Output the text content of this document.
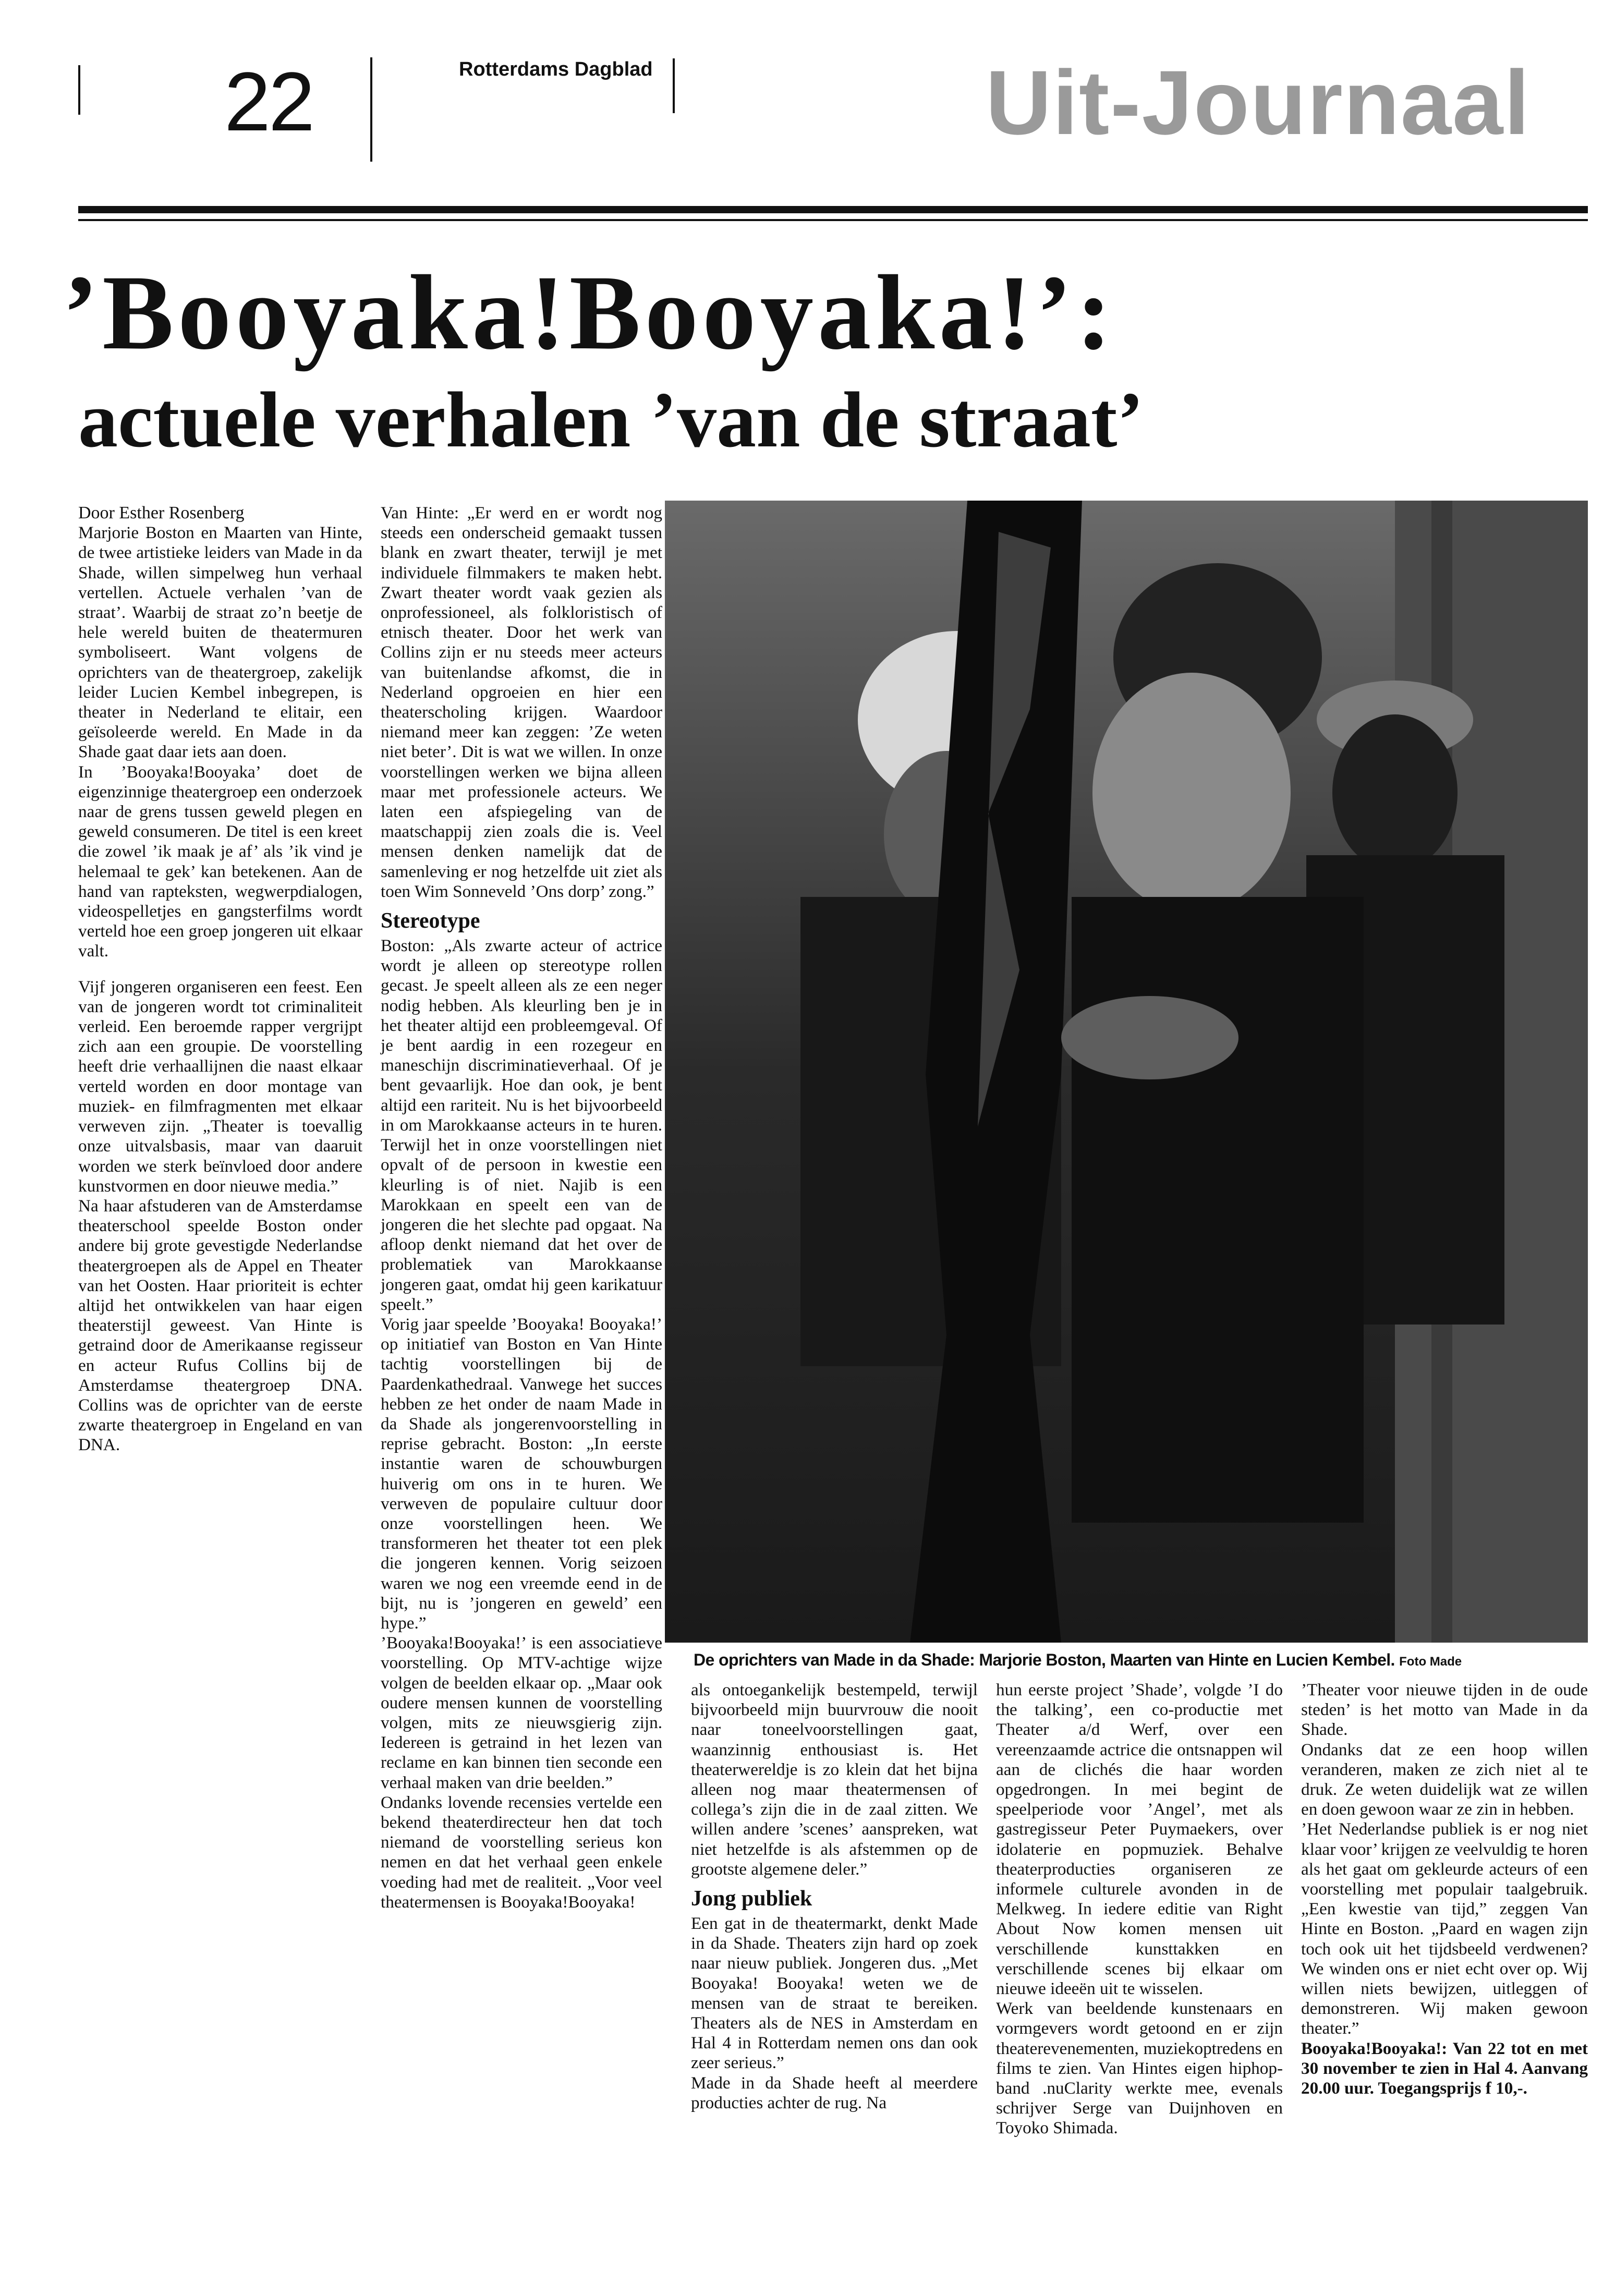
22	Rotterdams Dagblad	Uit-Journaal
’Booyaka!Booyaka!’:
actuele verhalen ’van de straat’

Door Esther Rosenberg

Marjorie Boston en Maarten van Hinte, de twee artistieke leiders van Made in da Shade, willen simpelweg hun verhaal vertellen. Actuele verhalen ’van de straat’. Waarbij de straat zo’n beetje de hele wereld buiten de theatermuren symboliseert. Want volgens de oprichters van de theatergroep, zakelijk leider Lucien Kembel inbegrepen, is theater in Nederland te elitair, een geïsoleerde wereld. En Made in da Shade gaat daar iets aan doen.

In ’Booyaka!Booyaka’ doet de eigenzinnige theatergroep een onderzoek naar de grens tussen geweld plegen en geweld consumeren. De titel is een kreet die zowel ’ik maak je af’ als ’ik vind je helemaal te gek’ kan betekenen. Aan de hand van rapteksten, wegwerpdialogen, videospelletjes en gangsterfilms wordt verteld hoe een groep jongeren uit elkaar valt.

Vijf jongeren organiseren een feest. Een van de jongeren wordt tot criminaliteit verleid. Een beroemde rapper vergrijpt zich aan een groupie. De voorstelling heeft drie verhaallijnen die naast elkaar verteld worden en door montage van muziek- en filmfragmenten met elkaar verweven zijn. „Theater is toevallig onze uitvalsbasis, maar van daaruit worden we sterk beïnvloed door andere kunstvormen en door nieuwe media.”

Na haar afstuderen van de Amsterdamse theaterschool speelde Boston onder andere bij grote gevestigde Nederlandse theatergroepen als de Appel en Theater van het Oosten. Haar prioriteit is echter altijd het ontwikkelen van haar eigen theaterstijl geweest. Van Hinte is getraind door de Amerikaanse regisseur en acteur Rufus Collins bij de Amsterdamse theatergroep DNA. Collins was de oprichter van de eerste zwarte theatergroep in Engeland en van DNA.

Van Hinte: „Er werd en er wordt nog steeds een onderscheid gemaakt tussen blank en zwart theater, terwijl je met individuele filmmakers te maken hebt. Zwart theater wordt vaak gezien als onprofessioneel, als folkloristisch of etnisch theater. Door het werk van Collins zijn er nu steeds meer acteurs van buitenlandse afkomst, die in Nederland opgroeien en hier een theaterscholing krijgen. Waardoor niemand meer kan zeggen: ’Ze weten niet beter’. Dit is wat we willen. In onze voorstellingen werken we bijna alleen maar met professionele acteurs. We laten een afspiegeling van de maatschappij zien zoals die is. Veel mensen denken namelijk dat de samenleving er nog hetzelfde uit ziet als toen Wim Sonneveld ’Ons dorp’ zong.”

Stereotype

Boston: „Als zwarte acteur of actrice wordt je alleen op stereotype rollen gecast. Je speelt alleen als ze een neger nodig hebben. Als kleurling ben je in het theater altijd een probleemgeval. Of je bent aardig in een rozegeur en maneschijn discriminatieverhaal. Of je bent gevaarlijk. Hoe dan ook, je bent altijd een rariteit. Nu is het bijvoorbeeld in om Marokkaanse acteurs in te huren. Terwijl het in onze voorstellingen niet opvalt of de persoon in kwestie een kleurling is of niet. Najib is een Marokkaan en speelt een van de jongeren die het slechte pad opgaat. Na afloop denkt niemand dat het over de problematiek van Marokkaanse jongeren gaat, omdat hij geen karikatuur speelt.”

Vorig jaar speelde ’Booyaka! Booyaka!’ op initiatief van Boston en Van Hinte tachtig voorstellingen bij de Paardenkathedraal. Vanwege het succes hebben ze het onder de naam Made in da Shade als jongerenvoorstelling in reprise gebracht. Boston: „In eerste instantie waren de schouwburgen huiverig om ons in te huren. We verweven de populaire cultuur door onze voorstellingen heen. We transformeren het theater tot een plek die jongeren kennen. Vorig seizoen waren we nog een vreemde eend in de bijt, nu is ’jongeren en geweld’ een hype.”

’Booyaka!Booyaka!’ is een associatieve voorstelling. Op MTV-achtige wijze volgen de beelden elkaar op. „Maar ook oudere mensen kunnen de voorstelling volgen, mits ze nieuwsgierig zijn. Iedereen is getraind in het lezen van reclame en kan binnen tien seconde een verhaal maken van drie beelden.”

Ondanks lovende recensies vertelde een bekend theaterdirecteur hen dat toch niemand de voorstelling serieus kon nemen en dat het verhaal geen enkele voeding had met de realiteit. „Voor veel theatermensen is Booyaka!Booyaka!

De oprichters van Made in da Shade: Marjorie Boston, Maarten van Hinte en Lucien Kembel. Foto Made

als ontoegankelijk bestempeld, terwijl bijvoorbeeld mijn buurvrouw die nooit naar toneelvoorstellingen gaat, waanzinnig enthousiast is. Het theaterwereldje is zo klein dat het bijna alleen nog maar theatermensen of collega’s zijn die in de zaal zitten. We willen andere ’scenes’ aanspreken, wat niet hetzelfde is als afstemmen op de grootste algemene deler.”

Jong publiek

Een gat in de theatermarkt, denkt Made in da Shade. Theaters zijn hard op zoek naar nieuw publiek. Jongeren dus. „Met Booyaka! Booyaka! weten we de mensen van de straat te bereiken. Theaters als de NES in Amsterdam en Hal 4 in Rotterdam nemen ons dan ook zeer serieus.”

Made in da Shade heeft al meerdere producties achter de rug. Na

hun eerste project ’Shade’, volgde ’I do the talking’, een co-productie met Theater a/d Werf, over een vereenzaamde actrice die ontsnappen wil aan de clichés die haar worden opgedrongen. In mei begint de speelperiode voor ’Angel’, met als gastregisseur Peter Puymaekers, over idolaterie en popmuziek. Behalve theaterproducties organiseren ze informele culturele avonden in de Melkweg. In iedere editie van Right About Now komen mensen uit verschillende kunsttakken en verschillende scenes bij elkaar om nieuwe ideeën uit te wisselen.

Werk van beeldende kunstenaars en vormgevers wordt getoond en er zijn theaterevenementen, muziekoptredens en films te zien. Van Hintes eigen hiphop-band .nuClarity werkte mee, evenals schrijver Serge van Duijnhoven en Toyoko Shimada.

’Theater voor nieuwe tijden in de oude steden’ is het motto van Made in da Shade.

Ondanks dat ze een hoop willen veranderen, maken ze zich niet al te druk. Ze weten duidelijk wat ze willen en doen gewoon waar ze zin in hebben.

’Het Nederlandse publiek is er nog niet klaar voor’ krijgen ze veelvuldig te horen als het gaat om gekleurde acteurs of een voorstelling met populair taalgebruik. „Een kwestie van tijd,” zeggen Van Hinte en Boston. „Paard en wagen zijn toch ook uit het tijdsbeeld verdwenen? We winden ons er niet echt over op. Wij willen niets bewijzen, uitleggen of demonstreren. Wij maken gewoon theater.”

Booyaka!Booyaka!: Van 22 tot en met 30 november te zien in Hal 4. Aanvang 20.00 uur. Toegangsprijs f 10,-.
